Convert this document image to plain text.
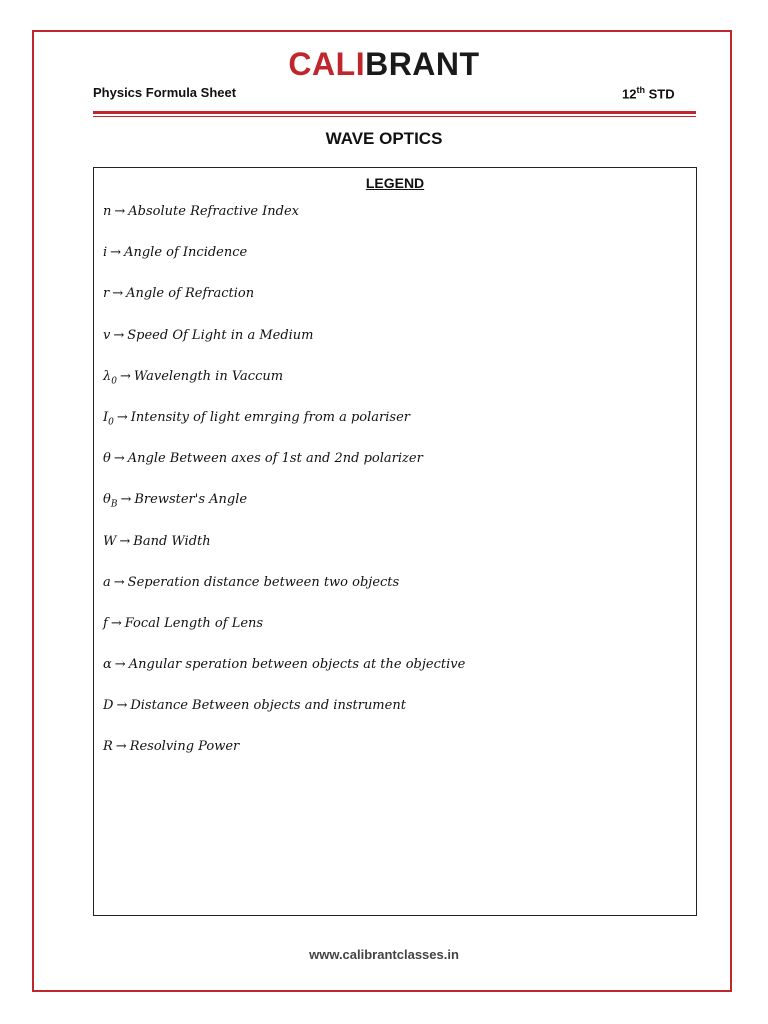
CALIBRANT
Physics Formula Sheet	12th STD
WAVE OPTICS
LEGEND
n → Absolute Refractive Index
i → Angle of Incidence
r → Angle of Refraction
v → Speed Of Light in a Medium
$\lambda_0$ → Wavelength in Vaccum
$I_0$ → Intensity of light emrging from a polariser
θ → Angle Between axes of 1st and 2nd polarizer
$\theta_B$ → Brewster's Angle
W → Band Width
a → Seperation distance between two objects
f → Focal Length of Lens
α → Angular speration between objects at the objective
D → Distance Between objects and instrument
R → Resolving Power
www.calibrantclasses.in
